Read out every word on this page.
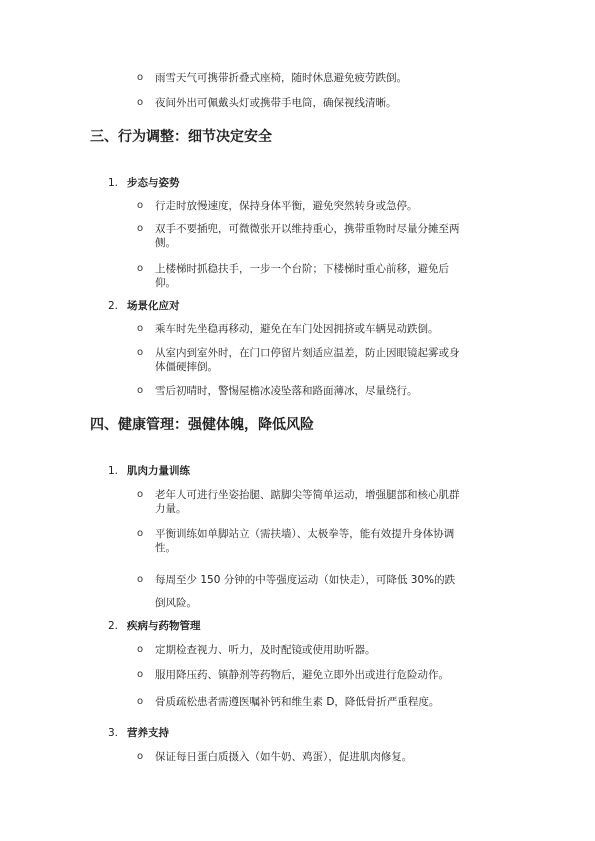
o 雨雪天气可携带折叠式座椅，随时休息避免疲劳跌倒。
o 夜间外出可佩戴头灯或携带手电筒，确保视线清晰。
三、行为调整：细节决定安全
1. 步态与姿势
o 行走时放慢速度，保持身体平衡，避免突然转身或急停。
o 双手不要插兜，可微微张开以维持重心，携带重物时尽量分摊至两
侧。
o 上楼梯时抓稳扶手，一步一个台阶；下楼梯时重心前移，避免后
仰。
2. 场景化应对
o 乘车时先坐稳再移动，避免在车门处因拥挤或车辆晃动跌倒。
o 从室内到室外时，在门口停留片刻适应温差，防止因眼镜起雾或身
体僵硬摔倒。
o 雪后初晴时，警惕屋檐冰凌坠落和路面薄冰，尽量绕行。
四、健康管理：强健体魄，降低风险
1. 肌肉力量训练
o 老年人可进行坐姿抬腿、踮脚尖等简单运动，增强腿部和核心肌群
力量。
o 平衡训练如单脚站立（需扶墙）、太极拳等，能有效提升身体协调
性。
o 每周至少 150 分钟的中等强度运动（如快走），可降低 30%的跌
倒风险。
2. 疾病与药物管理
o 定期检查视力、听力，及时配镜或使用助听器。
o 服用降压药、镇静剂等药物后，避免立即外出或进行危险动作。
o 骨质疏松患者需遵医嘱补钙和维生素 D，降低骨折严重程度。
3. 营养支持
o 保证每日蛋白质摄入（如牛奶、鸡蛋），促进肌肉修复。
